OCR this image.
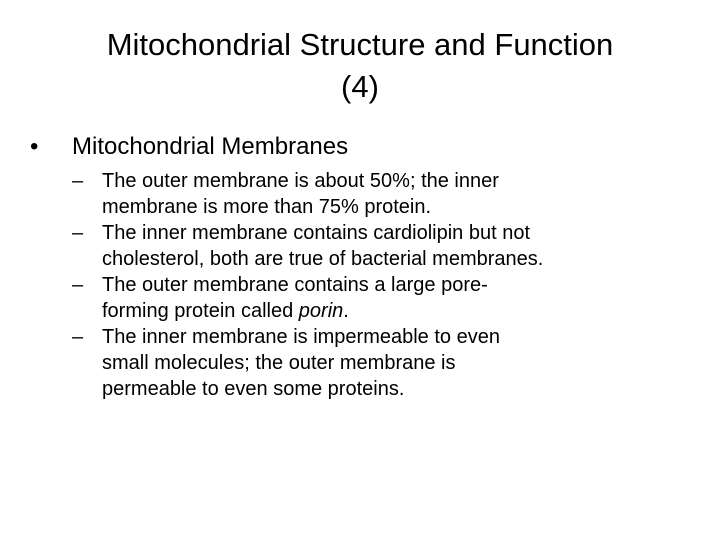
Mitochondrial Structure and Function
(4)
•	Mitochondrial Membranes
– The outer membrane is about 50%; the inner
membrane is more than 75% protein.
– The inner membrane contains cardiolipin but not
cholesterol, both are true of bacterial membranes.
– The outer membrane contains a large pore-
forming protein called porin.
– The inner membrane is impermeable to even
small molecules; the outer membrane is
permeable to even some proteins.
